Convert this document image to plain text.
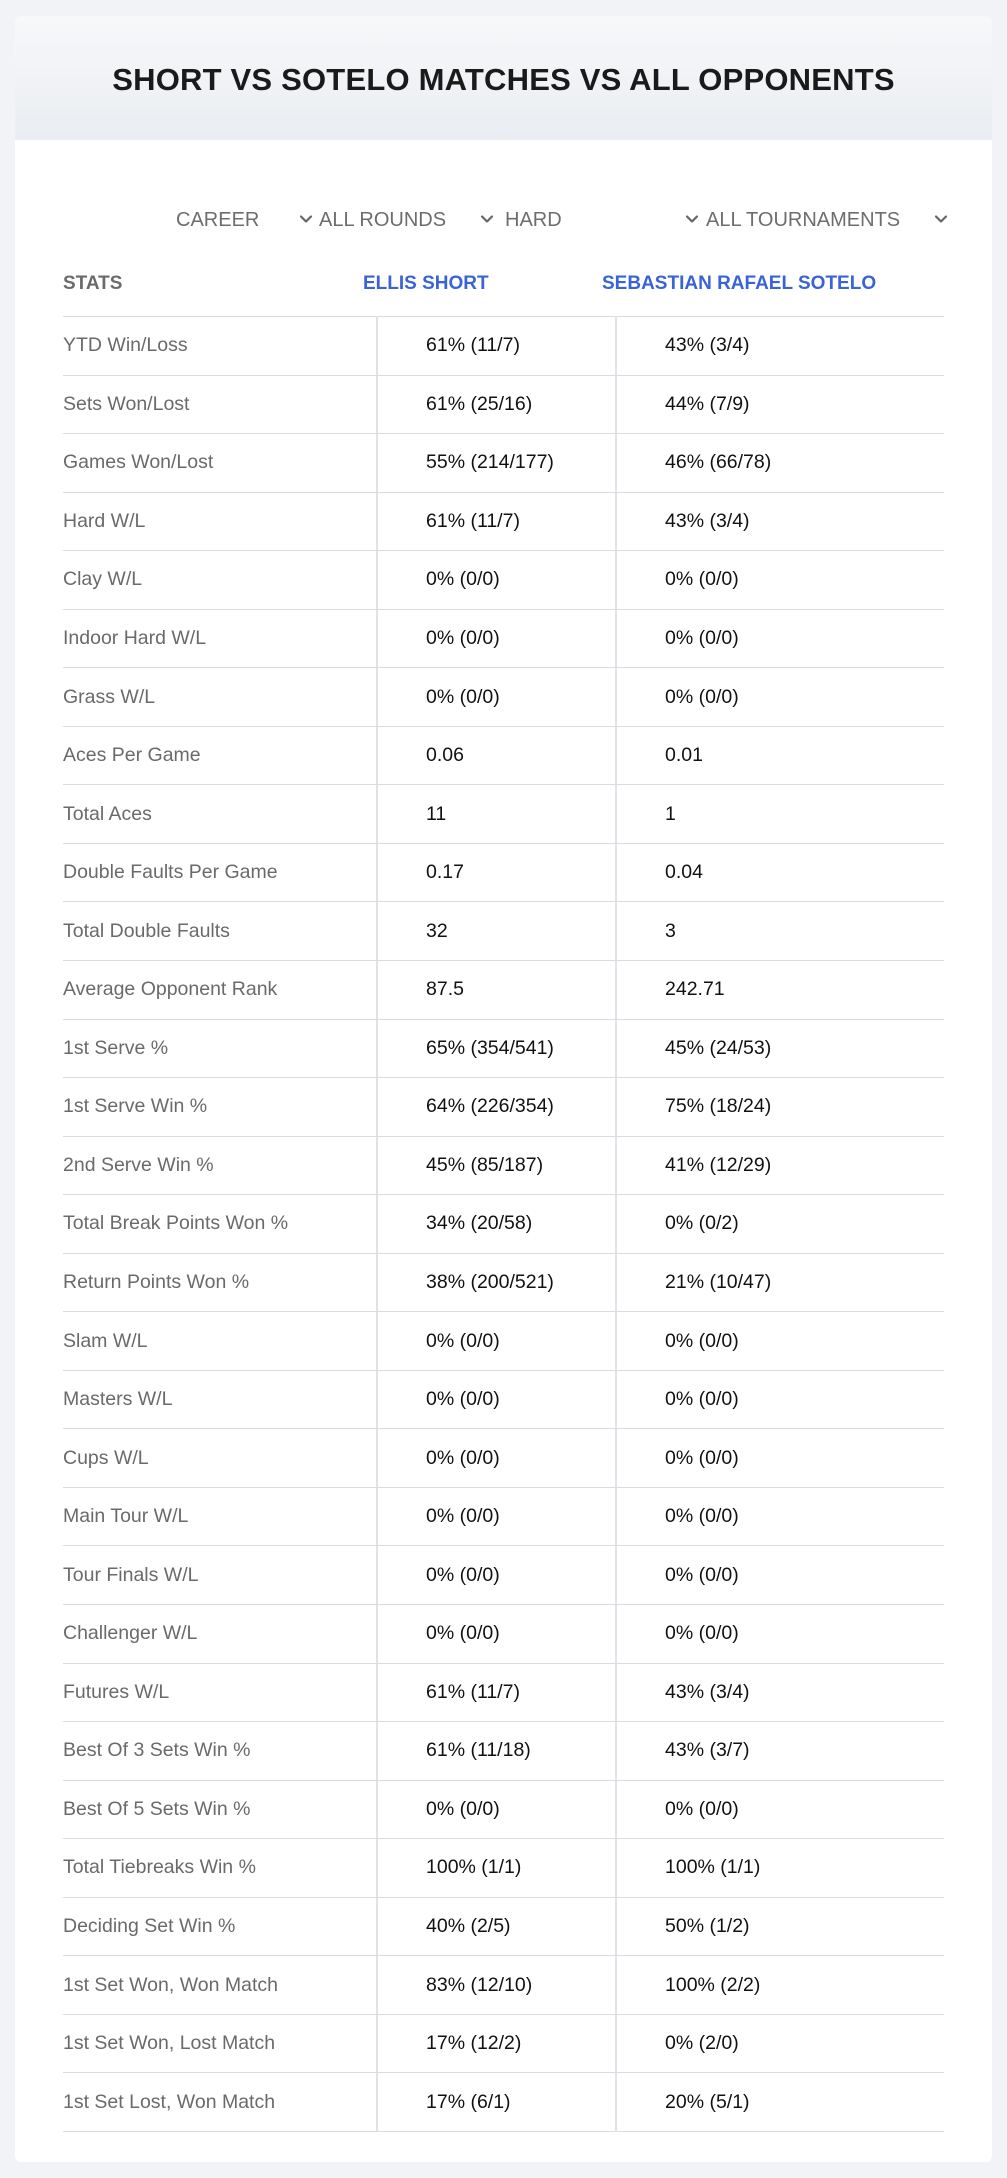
SHORT VS SOTELO MATCHES VS ALL OPPONENTS
CAREER	ALL ROUNDS	HARD	ALL TOURNAMENTS
STATS	ELLIS SHORT	SEBASTIAN RAFAEL SOTELO
YTD Win/Loss	61% (11/7)	43% (3/4)
Sets Won/Lost	61% (25/16)	44% (7/9)
Games Won/Lost	55% (214/177)	46% (66/78)
Hard W/L	61% (11/7)	43% (3/4)
Clay W/L	0% (0/0)	0% (0/0)
Indoor Hard W/L	0% (0/0)	0% (0/0)
Grass W/L	0% (0/0)	0% (0/0)
Aces Per Game	0.06	0.01
Total Aces	11	1
Double Faults Per Game	0.17	0.04
Total Double Faults	32	3
Average Opponent Rank	87.5	242.71
1st Serve %	65% (354/541)	45% (24/53)
1st Serve Win %	64% (226/354)	75% (18/24)
2nd Serve Win %	45% (85/187)	41% (12/29)
Total Break Points Won %	34% (20/58)	0% (0/2)
Return Points Won %	38% (200/521)	21% (10/47)
Slam W/L	0% (0/0)	0% (0/0)
Masters W/L	0% (0/0)	0% (0/0)
Cups W/L	0% (0/0)	0% (0/0)
Main Tour W/L	0% (0/0)	0% (0/0)
Tour Finals W/L	0% (0/0)	0% (0/0)
Challenger W/L	0% (0/0)	0% (0/0)
Futures W/L	61% (11/7)	43% (3/4)
Best Of 3 Sets Win %	61% (11/18)	43% (3/7)
Best Of 5 Sets Win %	0% (0/0)	0% (0/0)
Total Tiebreaks Win %	100% (1/1)	100% (1/1)
Deciding Set Win %	40% (2/5)	50% (1/2)
1st Set Won, Won Match	83% (12/10)	100% (2/2)
1st Set Won, Lost Match	17% (12/2)	0% (2/0)
1st Set Lost, Won Match	17% (6/1)	20% (5/1)
